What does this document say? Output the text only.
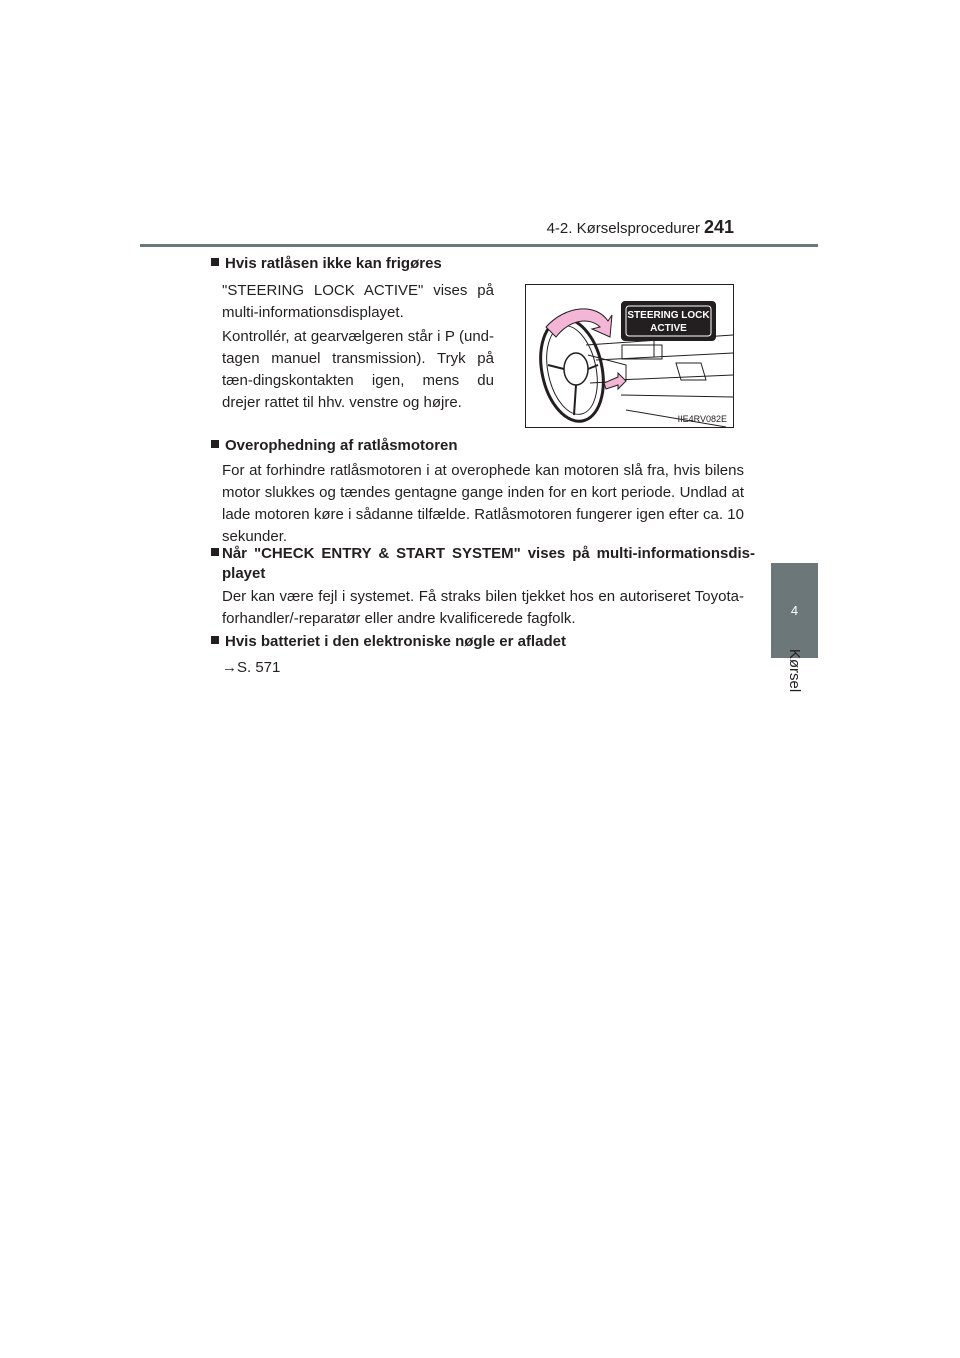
4-2. Kørselsprocedurer 241
4
Kørsel
Hvis ratlåsen ikke kan frigøres
"STEERING LOCK ACTIVE" vises på multi-informationsdisplayet.
Kontrollér, at gearvælgeren står i P (und-tagen manuel transmission). Tryk på tæn-dingskontakten igen, mens du drejer rattet til hhv. venstre og højre.
STEERING LOCK
ACTIVE
IIE4RV082E
Overophedning af ratlåsmotoren
For at forhindre ratlåsmotoren i at overophede kan motoren slå fra, hvis bilens motor slukkes og tændes gentagne gange inden for en kort periode. Undlad at lade motoren køre i sådanne tilfælde. Ratlåsmotoren fungerer igen efter ca. 10 sekunder.
Når "CHECK ENTRY & START SYSTEM" vises på multi-informationsdis-playet
Der kan være fejl i systemet. Få straks bilen tjekket hos en autoriseret Toyota-forhandler/-reparatør eller andre kvalificerede fagfolk.
Hvis batteriet i den elektroniske nøgle er afladet
→S. 571
